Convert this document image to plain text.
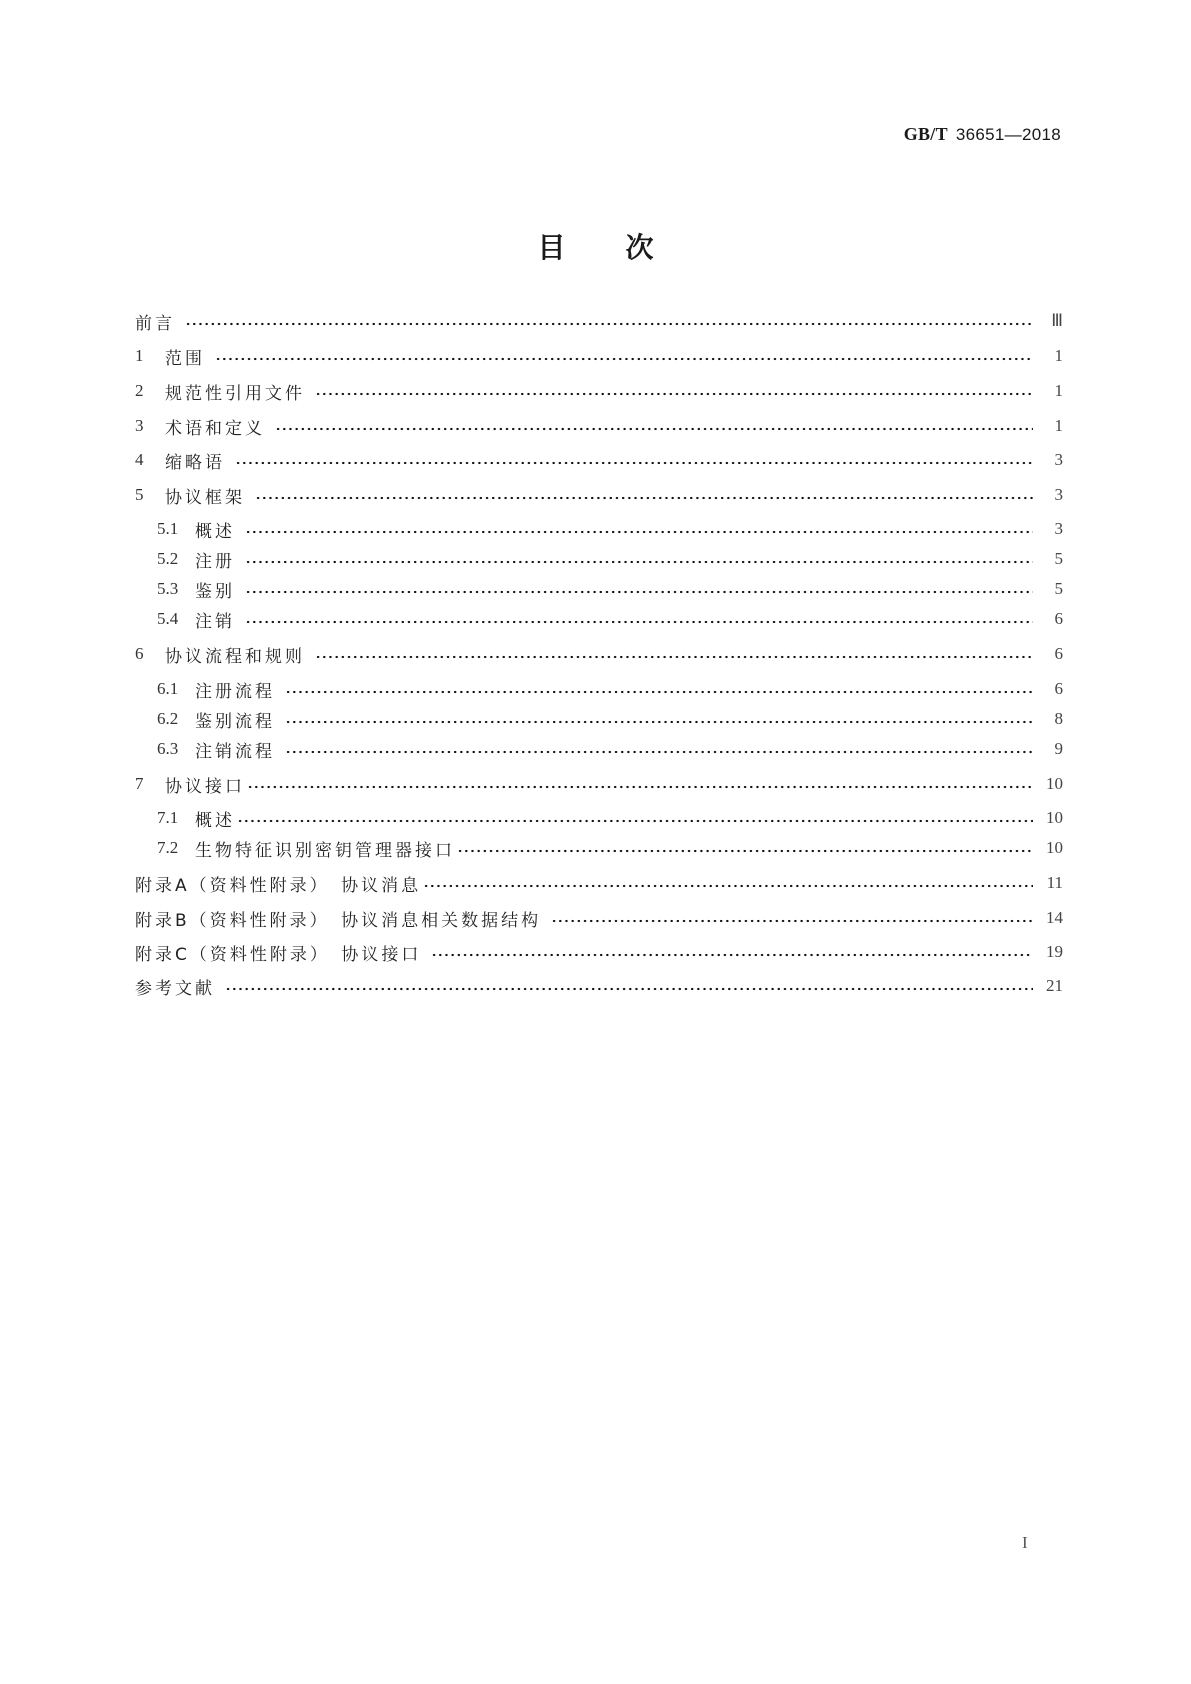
GB/T 36651—2018
目 次
前言	Ⅲ
1	范围	1
2	规范性引用文件	1
3	术语和定义	1
4	缩略语	3
5	协议框架	3
5.1 概述	3
5.2 注册	5
5.3 鉴别	5
5.4 注销	6
6	协议流程和规则	6
6.1 注册流程	6
6.2 鉴别流程	8
6.3 注销流程	9
7	协议接口	10
7.1 概述	10
7.2 生物特征识别密钥管理器接口	10
附录A（资料性附录）　协议消息	11
附录B（资料性附录）　协议消息相关数据结构	14
附录C（资料性附录）　协议接口	19
参考文献	21
I
